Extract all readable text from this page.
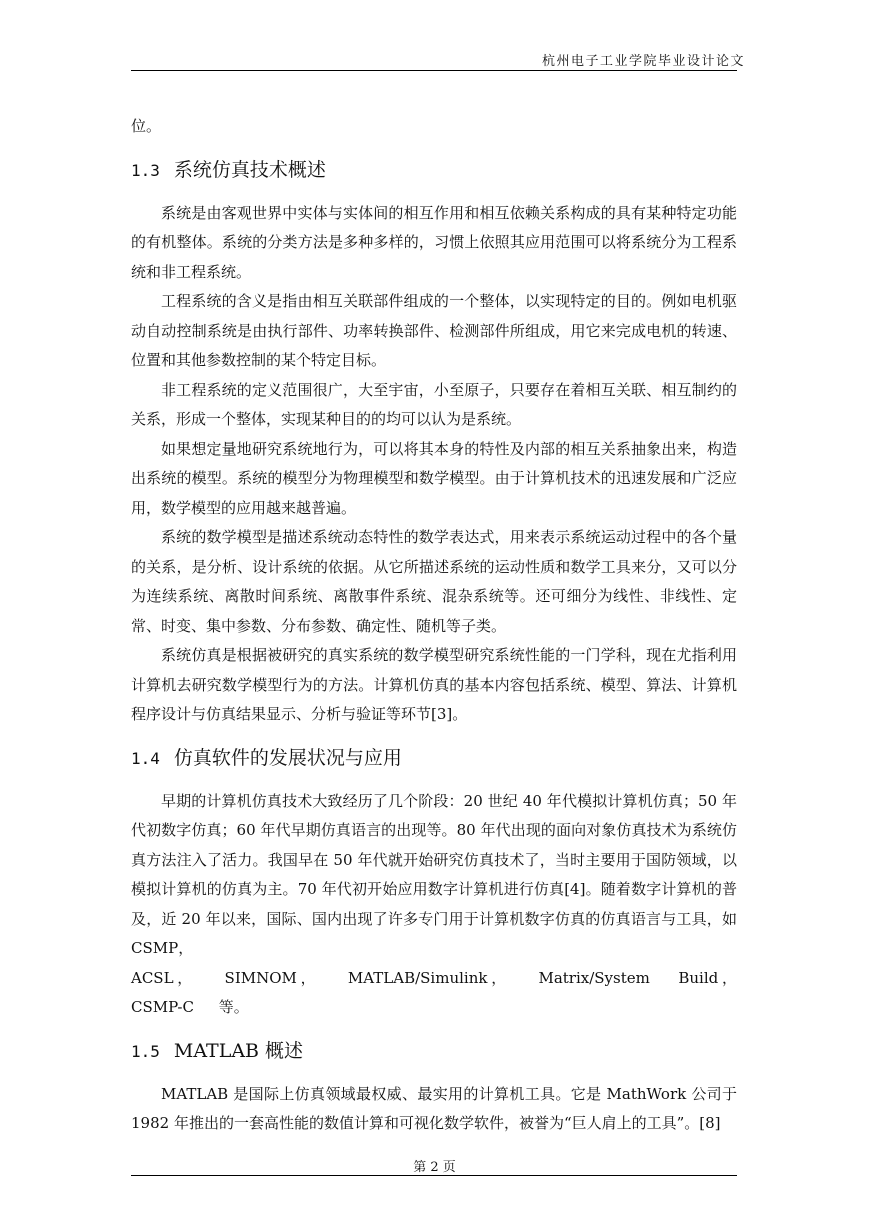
杭州电子工业学院毕业设计论文

位。

1.3 系统仿真技术概述

系统是由客观世界中实体与实体间的相互作用和相互依赖关系构成的具有某种特定功能的有机整体。系统的分类方法是多种多样的，习惯上依照其应用范围可以将系统分为工程系统和非工程系统。

工程系统的含义是指由相互关联部件组成的一个整体，以实现特定的目的。例如电机驱动自动控制系统是由执行部件、功率转换部件、检测部件所组成，用它来完成电机的转速、位置和其他参数控制的某个特定目标。

非工程系统的定义范围很广，大至宇宙，小至原子，只要存在着相互关联、相互制约的关系，形成一个整体，实现某种目的的均可以认为是系统。

如果想定量地研究系统地行为，可以将其本身的特性及内部的相互关系抽象出来，构造出系统的模型。系统的模型分为物理模型和数学模型。由于计算机技术的迅速发展和广泛应用，数学模型的应用越来越普遍。

系统的数学模型是描述系统动态特性的数学表达式，用来表示系统运动过程中的各个量的关系，是分析、设计系统的依据。从它所描述系统的运动性质和数学工具来分，又可以分为连续系统、离散时间系统、离散事件系统、混杂系统等。还可细分为线性、非线性、定常、时变、集中参数、分布参数、确定性、随机等子类。

系统仿真是根据被研究的真实系统的数学模型研究系统性能的一门学科，现在尤指利用计算机去研究数学模型行为的方法。计算机仿真的基本内容包括系统、模型、算法、计算机程序设计与仿真结果显示、分析与验证等环节[3]。

1.4 仿真软件的发展状况与应用

早期的计算机仿真技术大致经历了几个阶段：20 世纪 40 年代模拟计算机仿真；50 年代初数字仿真；60 年代早期仿真语言的出现等。80 年代出现的面向对象仿真技术为系统仿真方法注入了活力。我国早在 50 年代就开始研究仿真技术了，当时主要用于国防领域，以模拟计算机的仿真为主。70 年代初开始应用数字计算机进行仿真[4]。随着数字计算机的普及，近 20 年以来，国际、国内出现了许多专门用于计算机数字仿真的仿真语言与工具，如 CSMP，

ACSL， SIMNOM， MATLAB/Simulink， Matrix/System Build， CSMP-C 等。

1.5 MATLAB 概述

MATLAB 是国际上仿真领域最权威、最实用的计算机工具。它是 MathWork 公司于 1982 年推出的一套高性能的数值计算和可视化数学软件，被誉为“巨人肩上的工具”。[8]

第 2 页
